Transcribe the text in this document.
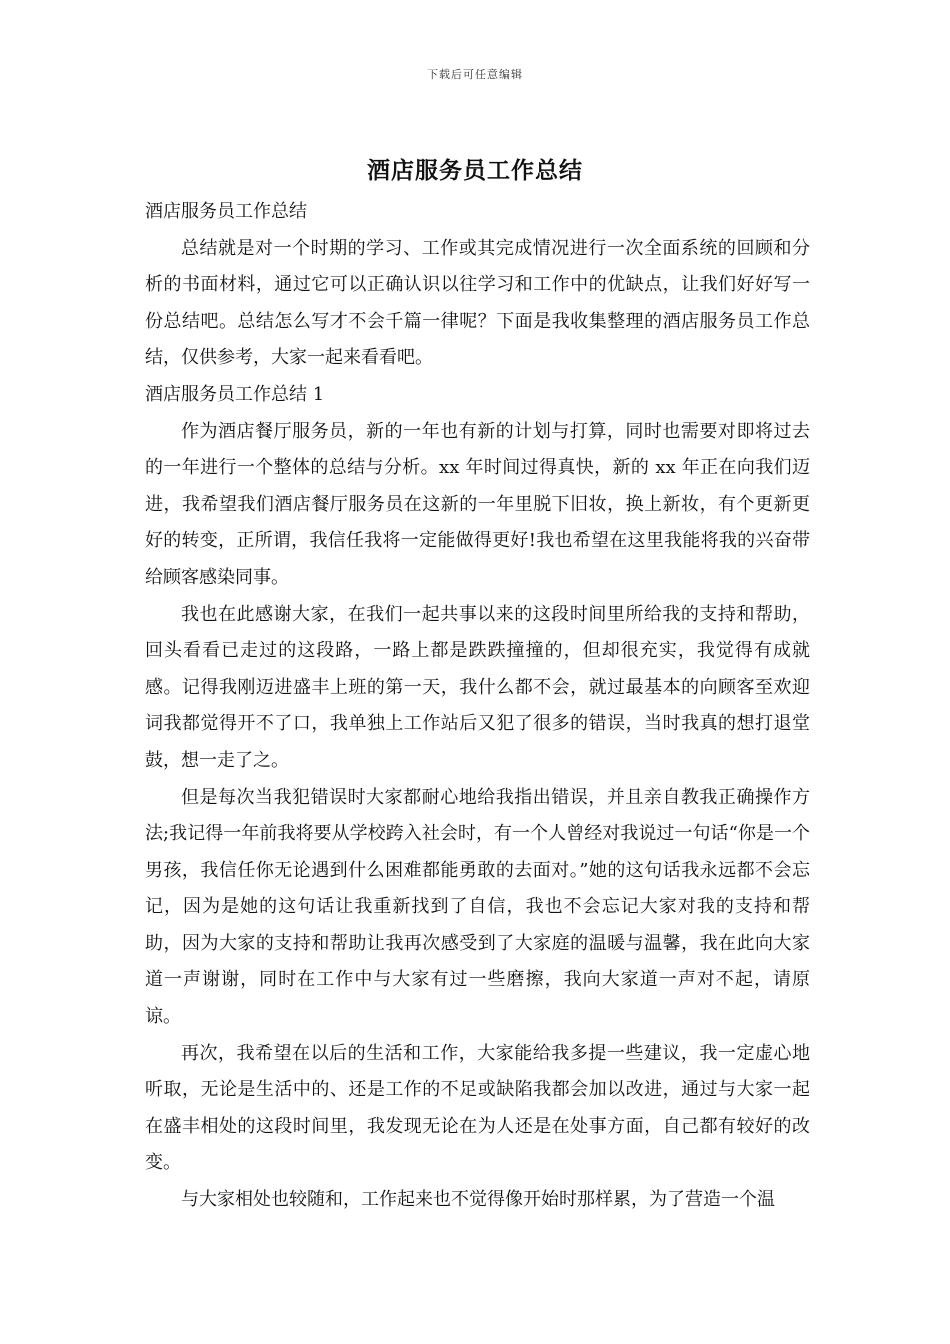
下载后可任意编辑
酒店服务员工作总结

酒店服务员工作总结

总结就是对一个时期的学习、工作或其完成情况进行一次全面系统的回顾和分析的书面材料，通过它可以正确认识以往学习和工作中的优缺点，让我们好好写一份总结吧。总结怎么写才不会千篇一律呢？下面是我收集整理的酒店服务员工作总结，仅供参考，大家一起来看看吧。

酒店服务员工作总结 1

作为酒店餐厅服务员，新的一年也有新的计划与打算，同时也需要对即将过去的一年进行一个整体的总结与分析。xx 年时间过得真快，新的 xx 年正在向我们迈进，我希望我们酒店餐厅服务员在这新的一年里脱下旧妆，换上新妆，有个更新更好的转变，正所谓，我信任我将一定能做得更好!我也希望在这里我能将我的兴奋带给顾客感染同事。

我也在此感谢大家，在我们一起共事以来的这段时间里所给我的支持和帮助，回头看看已走过的这段路，一路上都是跌跌撞撞的，但却很充实，我觉得有成就感。记得我刚迈进盛丰上班的第一天，我什么都不会，就过最基本的向顾客至欢迎词我都觉得开不了口，我单独上工作站后又犯了很多的错误，当时我真的想打退堂鼓，想一走了之。

但是每次当我犯错误时大家都耐心地给我指出错误，并且亲自教我正确操作方法;我记得一年前我将要从学校跨入社会时，有一个人曾经对我说过一句话“你是一个男孩，我信任你无论遇到什么困难都能勇敢的去面对。”她的这句话我永远都不会忘记，因为是她的这句话让我重新找到了自信，我也不会忘记大家对我的支持和帮助，因为大家的支持和帮助让我再次感受到了大家庭的温暖与温馨，我在此向大家道一声谢谢，同时在工作中与大家有过一些磨擦，我向大家道一声对不起，请原谅。

再次，我希望在以后的生活和工作，大家能给我多提一些建议，我一定虚心地听取，无论是生活中的、还是工作的不足或缺陷我都会加以改进，通过与大家一起在盛丰相处的这段时间里，我发现无论在为人还是在处事方面，自己都有较好的改变。

与大家相处也较随和，工作起来也不觉得像开始时那样累，为了营造一个温
